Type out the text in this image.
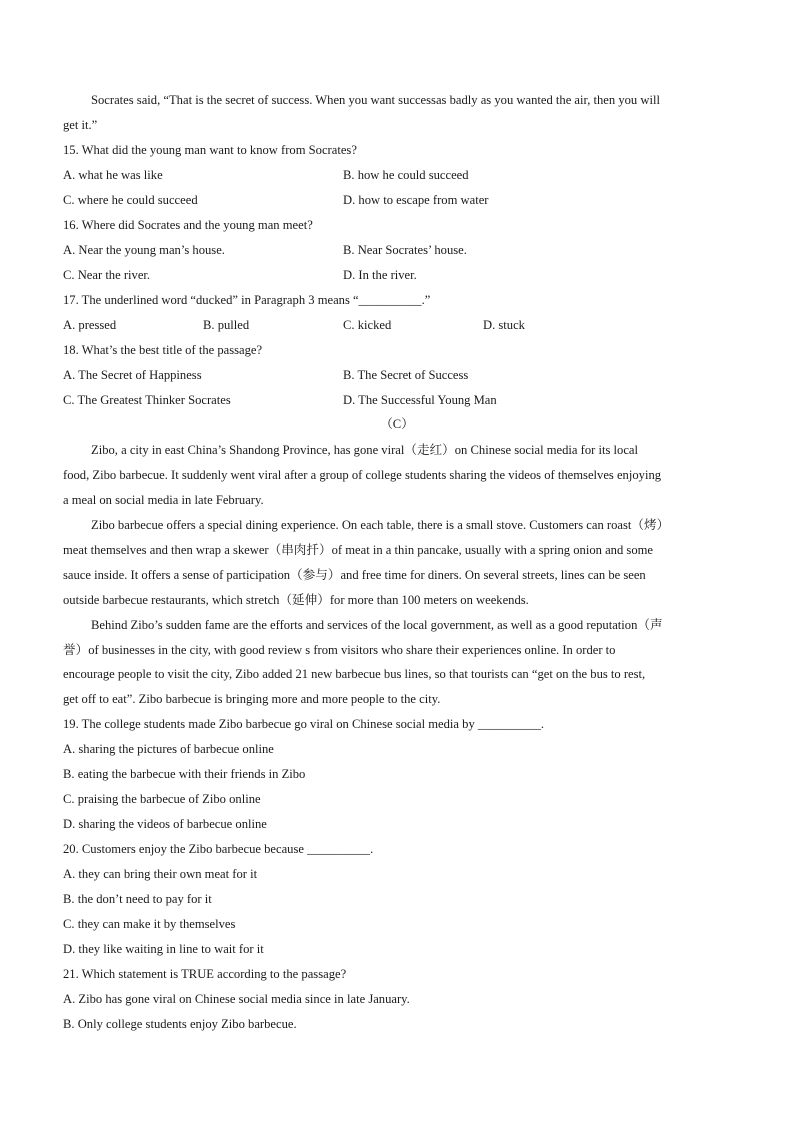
Socrates said, “That is the secret of success. When you want successas badly as you wanted the air, then you will
get it.”
15. What did the young man want to know from Socrates?
A. what he was like	B. how he could succeed
C. where he could succeed	D. how to escape from water
16. Where did Socrates and the young man meet?
A. Near the young man’s house.	B. Near Socrates’ house.
C. Near the river.	D. In the river.
17. The underlined word “ducked” in Paragraph 3 means “__________.”
A. pressed	B. pulled	C. kicked	D. stuck
18. What’s the best title of the passage?
A. The Secret of Happiness	B. The Secret of Success
C. The Greatest Thinker Socrates	D. The Successful Young Man
（C）
Zibo, a city in east China’s Shandong Province, has gone viral（走红）on Chinese social media for its local
food, Zibo barbecue. It suddenly went viral after a group of college students sharing the videos of themselves enjoying
a meal on social media in late February.
Zibo barbecue offers a special dining experience. On each table, there is a small stove. Customers can roast（烤）
meat themselves and then wrap a skewer（串肉扦）of meat in a thin pancake, usually with a spring onion and some
sauce inside. It offers a sense of participation（参与）and free time for diners. On several streets, lines can be seen
outside barbecue restaurants, which stretch（延伸）for more than 100 meters on weekends.
Behind Zibo’s sudden fame are the efforts and services of the local government, as well as a good reputation（声
誉）of businesses in the city, with good review s from visitors who share their experiences online. In order to
encourage people to visit the city, Zibo added 21 new barbecue bus lines, so that tourists can “get on the bus to rest,
get off to eat”. Zibo barbecue is bringing more and more people to the city.
19. The college students made Zibo barbecue go viral on Chinese social media by __________.
A. sharing the pictures of barbecue online
B. eating the barbecue with their friends in Zibo
C. praising the barbecue of Zibo online
D. sharing the videos of barbecue online
20. Customers enjoy the Zibo barbecue because __________.
A. they can bring their own meat for it
B. the don’t need to pay for it
C. they can make it by themselves
D. they like waiting in line to wait for it
21. Which statement is TRUE according to the passage?
A. Zibo has gone viral on Chinese social media since in late January.
B. Only college students enjoy Zibo barbecue.
